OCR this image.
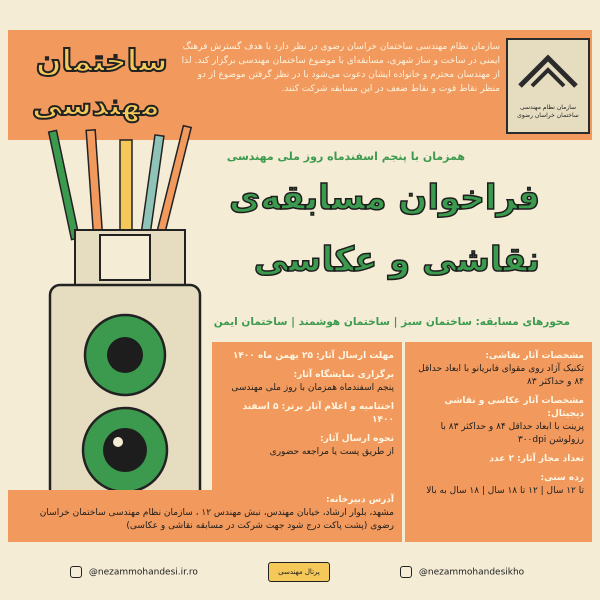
ساختمان
مهندسی
سازمان نظام مهندسی ساختمان خراسان رضوی در نظر دارد با هدف گسترش فرهنگ ایمنی در ساخت و ساز شهری، مسابقه‌ای با موضوع ساختمان مهندسی برگزار کند. لذا از مهندسان محترم و خانواده ایشان دعوت می‌شود با در نظر گرفتن موضوع از دو منظر نقاط قوت و نقاط ضعف در این مسابقه شرکت کنند.
سازمان نظام مهندسی ساختمان خراسان رضوی
همزمان با پنجم اسفندماه روز ملی مهندسی
فراخوان مسابقه‌ی
نقاشی و عکاسی
محورهای مسابقه: ساختمان سبز | ساختمان هوشمند | ساختمان ایمن
مشخصات آثار نقاشی:
تکنیک آزاد روی مقوای فابریانو با ابعاد حداقل ۸۴ و حداکثر ۸۳
مشخصات آثار عکاسی و نقاشی دیجیتال:
پرینت با ابعاد حداقل ۸۴ و حداکثر ۸۳ با رزولوشن ۳۰۰dpi
تعداد مجاز آثار: ۲ عدد
رده سنی:
تا ۱۲ سال | ۱۲ تا ۱۸ سال | ۱۸ سال به بالا
مهلت ارسال آثار: ۲۵ بهمن ماه ۱۴۰۰
برگزاری نمایشگاه آثار:
پنجم اسفندماه همزمان با روز ملی مهندسی
اختتامیه و اعلام آثار برتر: ۵ اسفند ۱۴۰۰
نحوه ارسال آثار:
از طریق پست یا مراجعه حضوری
آدرس دبیرخانه:
مشهد، بلوار ارشاد، خیابان مهندس، نبش مهندس ۱۲ ، سازمان نظام مهندسی ساختمان خراسان رضوی (پشت پاکت درج شود جهت شرکت در مسابقه نقاشی و عکاسی)
@nezammohandesi.ir.ro	پرتال مهندسی	@nezammohandesikho
